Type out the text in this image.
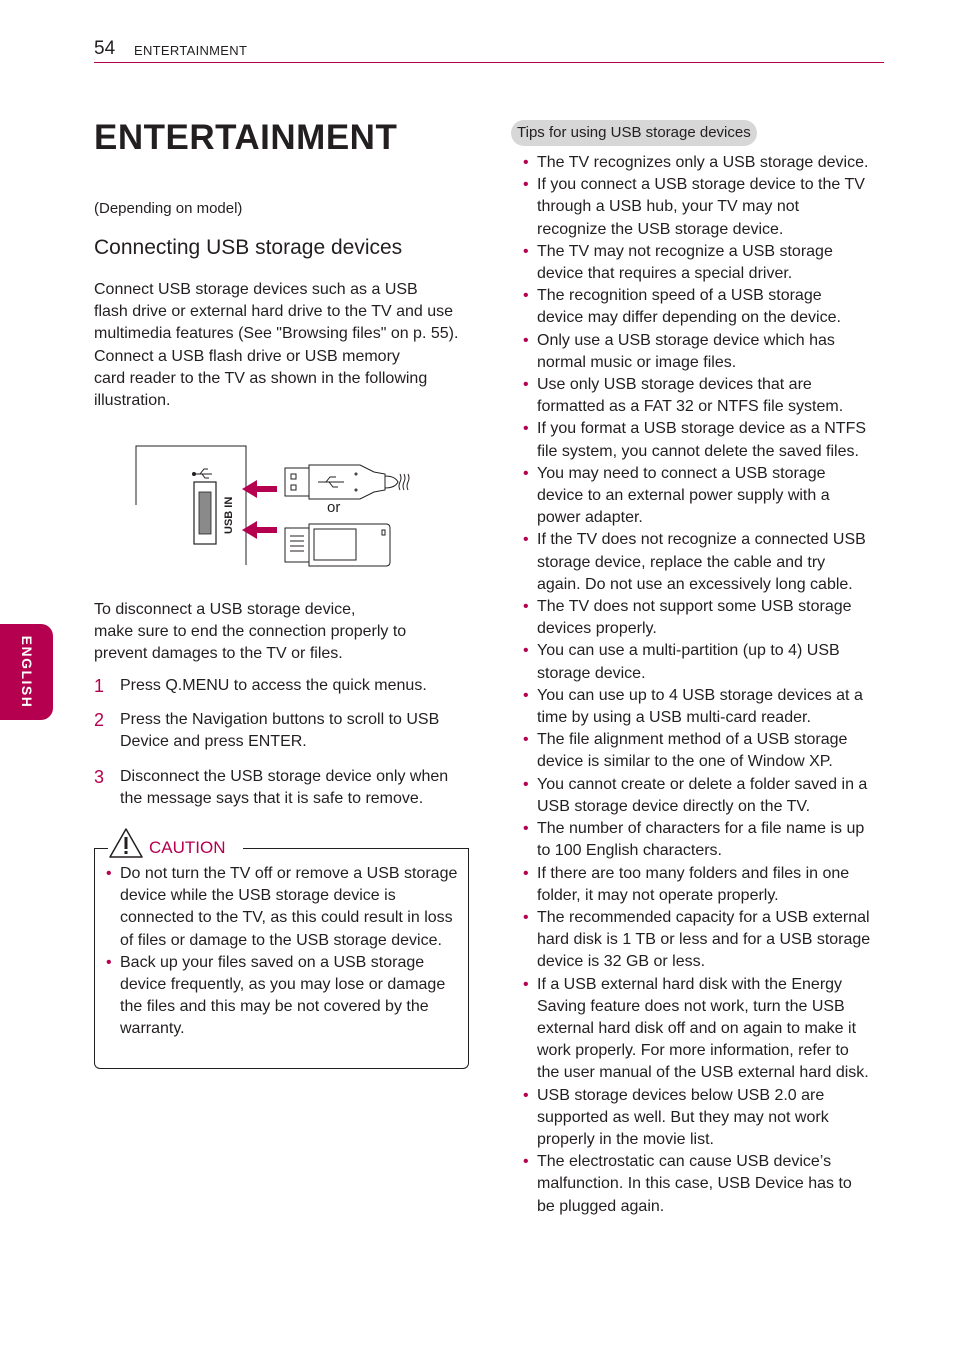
54 ENTERTAINMENT
ENGLISH
ENTERTAINMENT
(Depending on model)
Connecting USB storage devices

Connect USB storage devices such as a USB
flash drive or external hard drive to the TV and use
multimedia features (See "Browsing files" on p. 55).
Connect a USB flash drive or USB memory
card reader to the TV as shown in the following
illustration.

USB IN	or

To disconnect a USB storage device,
make sure to end the connection properly to
prevent damages to the TV or files.

1 Press Q.MENU to access the quick menus.
2 Press the Navigation buttons to scroll to USB Device and press ENTER.
3 Disconnect the USB storage device only when the message says that it is safe to remove.
CAUTION
• Do not turn the TV off or remove a USB storage device while the USB storage device is connected to the TV, as this could result in loss of files or damage to the USB storage device.
• Back up your files saved on a USB storage device frequently, as you may lose or damage the files and this may be not covered by the warranty.
Tips for using USB storage devices
• The TV recognizes only a USB storage device.
• If you connect a USB storage device to the TV through a USB hub, your TV may not recognize the USB storage device.
• The TV may not recognize a USB storage device that requires a special driver.
• The recognition speed of a USB storage device may differ depending on the device.
• Only use a USB storage device which has normal music or image files.
• Use only USB storage devices that are formatted as a FAT 32 or NTFS file system.
• If you format a USB storage device as a NTFS file system, you cannot delete the saved files.
• You may need to connect a USB storage device to an external power supply with a power adapter.
• If the TV does not recognize a connected USB storage device, replace the cable and try again. Do not use an excessively long cable.
• The TV does not support some USB storage devices properly.
• You can use a multi-partition (up to 4) USB storage device.
• You can use up to 4 USB storage devices at a time by using a USB multi-card reader.
• The file alignment method of a USB storage device is similar to the one of Window XP.
• You cannot create or delete a folder saved in a USB storage device directly on the TV.
• The number of characters for a file name is up to 100 English characters.
• If there are too many folders and files in one folder, it may not operate properly.
• The recommended capacity for a USB external hard disk is 1 TB or less and for a USB storage device is 32 GB or less.
• If a USB external hard disk with the Energy Saving feature does not work, turn the USB external hard disk off and on again to make it work properly. For more information, refer to the user manual of the USB external hard disk.
• USB storage devices below USB 2.0 are supported as well. But they may not work properly in the movie list.
• The electrostatic can cause USB device’s malfunction. In this case, USB Device has to be plugged again.
